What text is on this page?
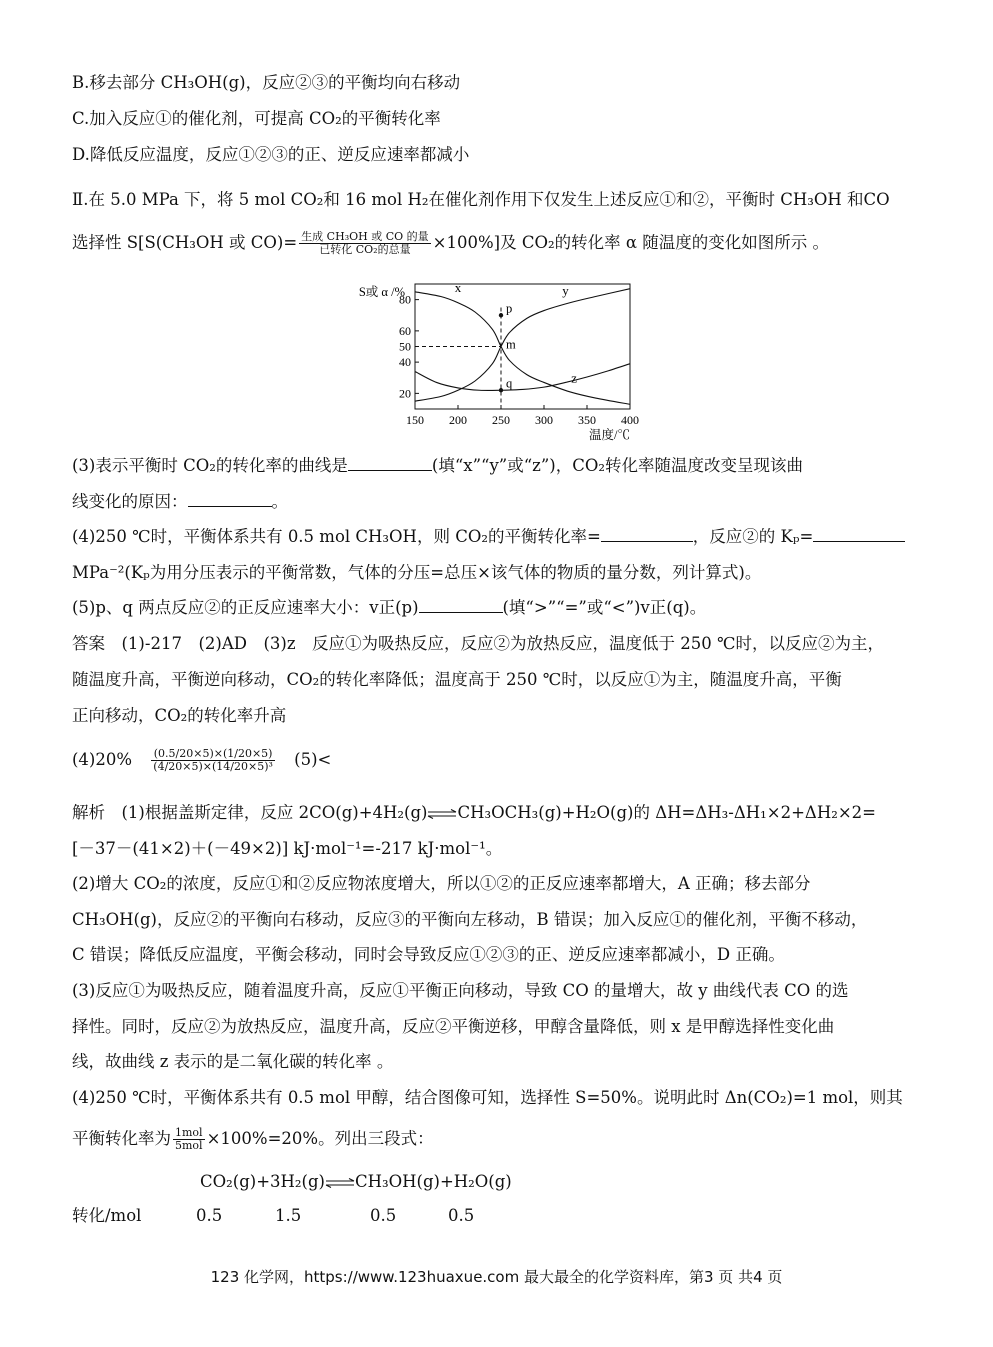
B.移去部分 CH₃OH(g)，反应②③的平衡均向右移动
C.加入反应①的催化剂，可提高 CO₂的平衡转化率
D.降低反应温度，反应①②③的正、逆反应速率都减小
Ⅱ.在 5.0 MPa 下，将 5 mol CO₂和 16 mol H₂在催化剂作用下仅发生上述反应①和②，平衡时 CH₃OH 和CO
选择性 S[S(CH₃OH 或 $CO)= \frac{\text{生成 CH₃OH 或 CO 的量}}{\text{已转化 CO₂的总量}} \times 100\%$]及 CO₂的转化率 α 随温度的变化如图所示 。
20
40
50
60
80
150 200 250 300 350 400
S或 α /%
温度/℃
x	y
z
p
m
q
(3)表示平衡时 CO₂的转化率的曲线是	(填“x”“y”或“z”)，CO₂转化率随温度改变呈现该曲
线变化的原因：	。
(4)250 ℃时，平衡体系共有 0.5 mol CH₃OH，则 CO₂的平衡转化率=	，反应②的 Kₚ=
MPa⁻²(Kₚ为用分压表示的平衡常数，气体的分压=总压×该气体的物质的量分数，列计算式)。
(5)p、q 两点反应②的正反应速率大小：v正(p)	(填“>”“=”或“<”)v正(q)。
答案　(1)-217　(2)AD　(3)z　反应①为吸热反应，反应②为放热反应，温度低于 250 ℃时，以反应②为主，
随温度升高，平衡逆向移动，CO₂的转化率降低；温度高于 250 ℃时，以反应①为主，随温度升高，平衡
正向移动，CO₂的转化率升高
$(4)20\% \frac{(0.5/20\times 5)\times(1/20\times 5)}{\text{(4/20×5)×(14/20×5)³}} (5)<$
解析　(1)根据盖斯定律，反应 2CO(g)+4H₂(g)⇌CH₃OCH₃(g)+H₂O(g)的 ΔH=ΔH₃-ΔH₁×2+ΔH₂×2=
[－37－(41×2)＋(－49×2)] kJ·mol⁻¹=-217 kJ·mol⁻¹。
(2)增大 CO₂的浓度，反应①和②反应物浓度增大，所以①②的正反应速率都增大，A 正确；移去部分
CH₃OH(g)，反应②的平衡向右移动，反应③的平衡向左移动，B 错误；加入反应①的催化剂，平衡不移动，
C 错误；降低反应温度，平衡会移动，同时会导致反应①②③的正、逆反应速率都减小，D 正确。
(3)反应①为吸热反应，随着温度升高，反应①平衡正向移动，导致 CO 的量增大，故 y 曲线代表 CO 的选
择性。同时，反应②为放热反应，温度升高，反应②平衡逆移，甲醇含量降低，则 x 是甲醇选择性变化曲
线，故曲线 z 表示的是二氧化碳的转化率 。
(4)250 ℃时，平衡体系共有 0.5 mol 甲醇，结合图像可知，选择性 S=50%。说明此时 Δn(CO₂)=1 mol，则其
平衡转化率为 $\frac{\text{1mol}}{\text{5mol}} \times 100\%=20\%$。列出三段式：
CO₂(g)+3H₂(g)⇌CH₃OH(g)+H₂O(g)
转化/mol	0.5	1.5	0.5	0.5
123 化学网，https://www.123huaxue.com 最大最全的化学资料库，第3 页 共4 页
